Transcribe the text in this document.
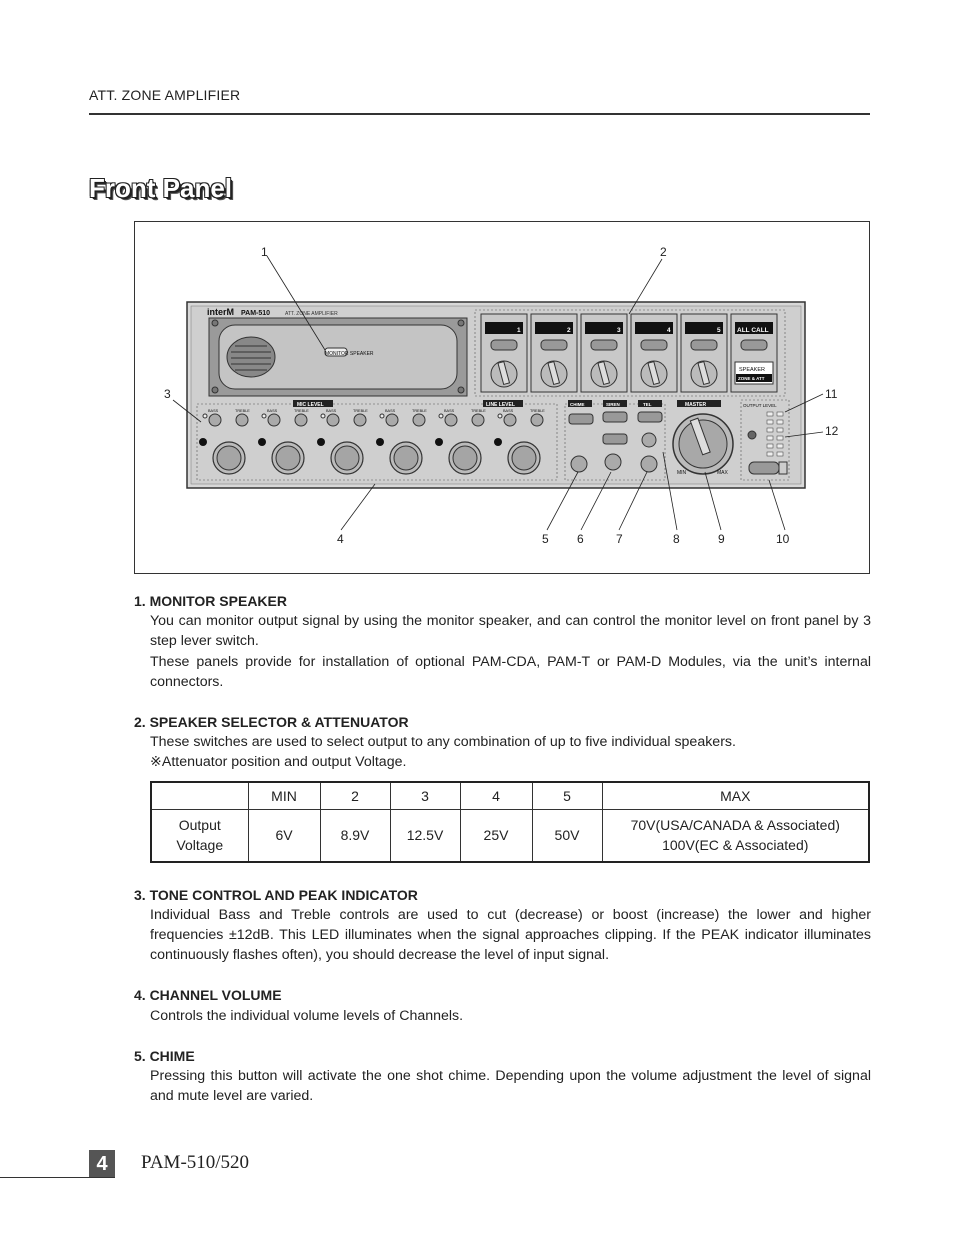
ATT. ZONE AMPLIFIER
Front Panel
interM PAM-510	ATT. ZONE AMPLIFIER
MONITOR SPEAKER
1	2	3	4	5	ALL CALL
SPEAKER
ZONE & ATT
MIC LEVEL	LINE LEVEL
BASS	TREBLE	BASS	TREBLE	BASS	TREBLE	BASS	TREBLE	BASS	TREBLE	BASS	TREBLE
CHIME	SIREN	TEL	MASTER
MIN	MAX
OUTPUT LEVEL
1	2
3
4	5 6	7	8	9	10
11
12
1. MONITOR SPEAKER
You can monitor output signal by using the monitor speaker, and can control the monitor level on front panel by 3 step lever switch.
These panels provide for installation of optional PAM-CDA, PAM-T or PAM-D Modules, via the unit’s internal connectors.
2. SPEAKER SELECTOR & ATTENUATOR
These switches are used to select output to any combination of up to five individual speakers.
※Attenuator position and output Voltage.
	MIN	2	3	4	5	MAX
Output
Voltage	6V	8.9V	12.5V	25V	50V	70V(USA/CANADA & Associated)
100V(EC & Associated)
3. TONE CONTROL AND PEAK INDICATOR
Individual Bass and Treble controls are used to cut (decrease) or boost (increase) the lower and higher frequencies ±12dB. This LED illuminates when the signal approaches clipping. If the PEAK indicator illuminates continuously flashes often), you should decrease the level of input signal.
4. CHANNEL VOLUME
Controls the individual volume levels of Channels.
5. CHIME
Pressing this button will activate the one shot chime. Depending upon the volume adjustment the level of signal and mute level are varied.
4	PAM-510/520
